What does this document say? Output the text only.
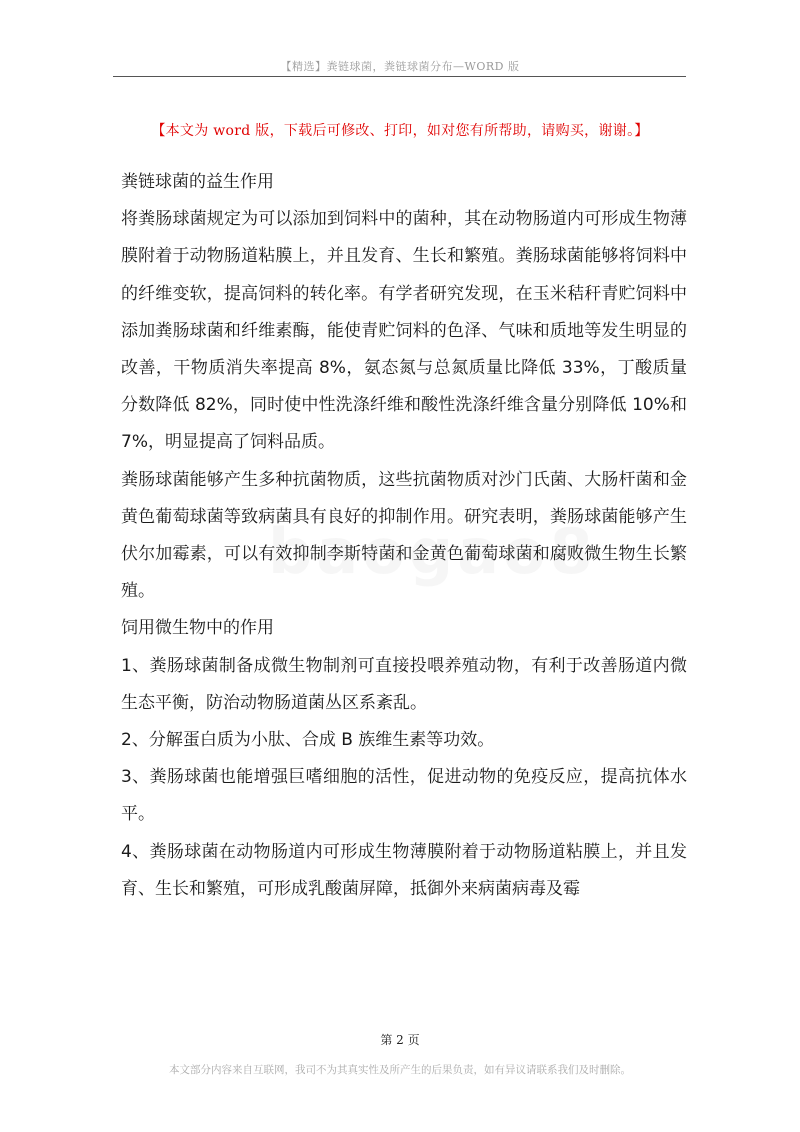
【精选】粪链球菌，粪链球菌分布—WORD 版
【本文为 word 版，下载后可修改、打印，如对您有所帮助，请购买，谢谢。】

粪链球菌的益生作用

将粪肠球菌规定为可以添加到饲料中的菌种，其在动物肠道内可形成生物薄膜附着于动物肠道粘膜上，并且发育、生长和繁殖。粪肠球菌能够将饲料中的纤维变软，提高饲料的转化率。有学者研究发现，在玉米秸秆青贮饲料中添加粪肠球菌和纤维素酶，能使青贮饲料的色泽、气味和质地等发生明显的改善，干物质消失率提高 8%，氨态氮与总氮质量比降低 33%，丁酸质量分数降低 82%，同时使中性洗涤纤维和酸性洗涤纤维含量分别降低 10%和 7%，明显提高了饲料品质。

粪肠球菌能够产生多种抗菌物质，这些抗菌物质对沙门氏菌、大肠杆菌和金黄色葡萄球菌等致病菌具有良好的抑制作用。研究表明，粪肠球菌能够产生伏尔加霉素，可以有效抑制李斯特菌和金黄色葡萄球菌和腐败微生物生长繁殖。

饲用微生物中的作用

1、粪肠球菌制备成微生物制剂可直接投喂养殖动物，有利于改善肠道内微生态平衡，防治动物肠道菌丛区系紊乱。

2、分解蛋白质为小肽、合成 B 族维生素等功效。

3、粪肠球菌也能增强巨嗜细胞的活性，促进动物的免疫反应，提高抗体水平。

4、粪肠球菌在动物肠道内可形成生物薄膜附着于动物肠道粘膜上，并且发育、生长和繁殖，可形成乳酸菌屏障，抵御外来病菌病毒及霉

第 2 页
本文部分内容来自互联网，我司不为其真实性及所产生的后果负责，如有异议请联系我们及时删除。
